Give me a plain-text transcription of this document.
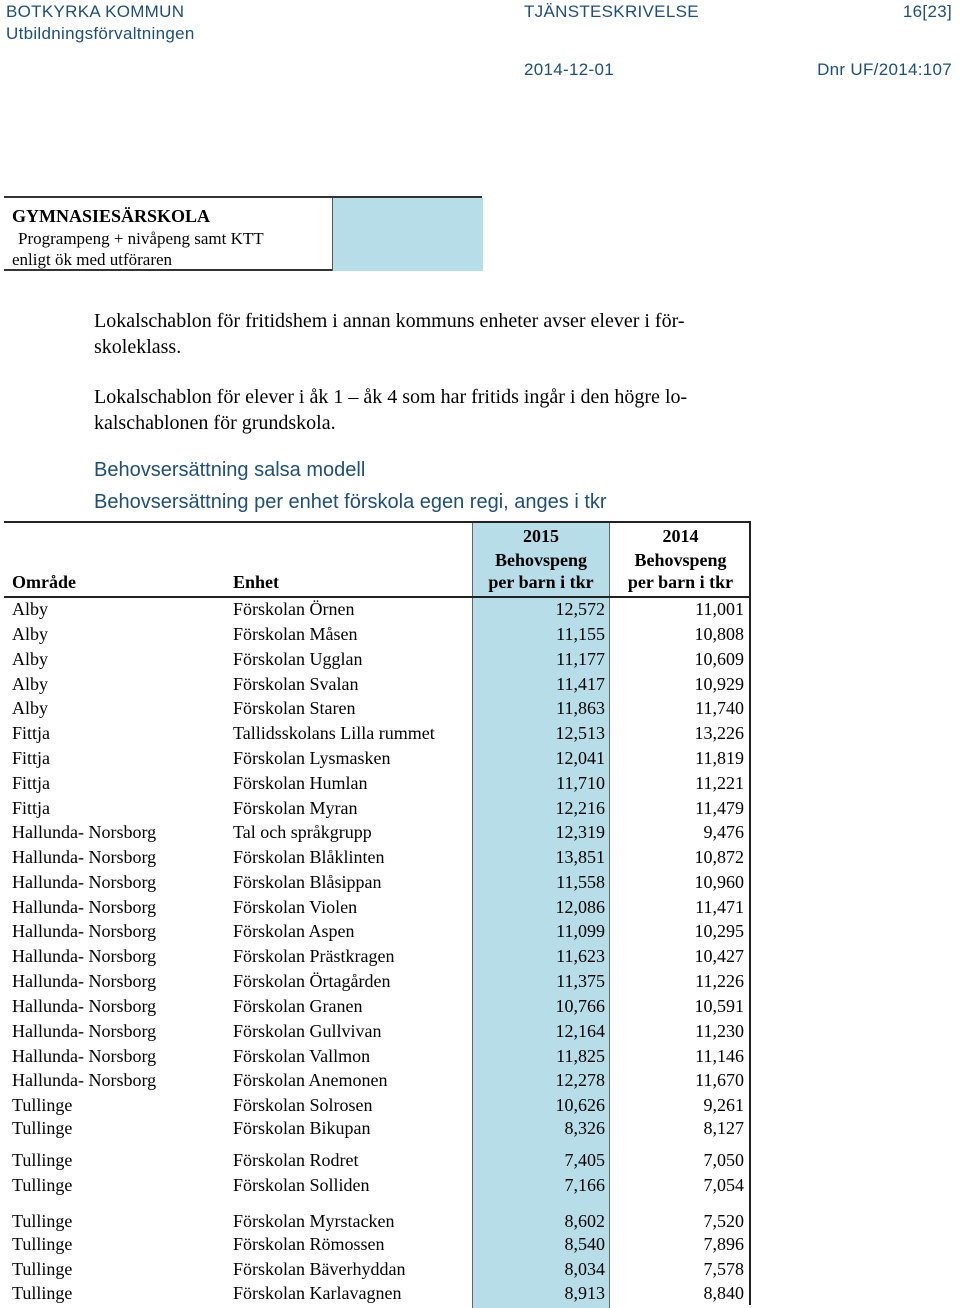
BOTKYRKA KOMMUN
Utbildningsförvaltningen
TJÄNSTESKRIVELSE	16[23]
2014-12-01	Dnr UF/2014:107
GYMNASIESÄRSKOLA
Programpeng + nivåpeng samt KTT
enligt ök med utföraren
Lokalschablon för fritidshem i annan kommuns enheter avser elever i för-
skoleklass.
Lokalschablon för elever i åk 1 – åk 4 som har fritids ingår i den högre lo-
kalschablonen för grundskola.
Behovsersättning salsa modell
Behovsersättning per enhet förskola egen regi, anges i tkr
Område	Enhet
2015
Behovspeng
per barn i tkr
2014
Behovspeng
per barn i tkr
Alby	Förskolan Örnen	12,572	11,001
Alby	Förskolan Måsen	11,155	10,808
Alby	Förskolan Ugglan	11,177	10,609
Alby	Förskolan Svalan	11,417	10,929
Alby	Förskolan Staren	11,863	11,740
Fittja	Tallidsskolans Lilla rummet	12,513	13,226
Fittja	Förskolan Lysmasken	12,041	11,819
Fittja	Förskolan Humlan	11,710	11,221
Fittja	Förskolan Myran	12,216	11,479
Hallunda- Norsborg	Tal och språkgrupp	12,319	9,476
Hallunda- Norsborg	Förskolan Blåklinten	13,851	10,872
Hallunda- Norsborg	Förskolan Blåsippan	11,558	10,960
Hallunda- Norsborg	Förskolan Violen	12,086	11,471
Hallunda- Norsborg	Förskolan Aspen	11,099	10,295
Hallunda- Norsborg	Förskolan Prästkragen	11,623	10,427
Hallunda- Norsborg	Förskolan Örtagården	11,375	11,226
Hallunda- Norsborg	Förskolan Granen	10,766	10,591
Hallunda- Norsborg	Förskolan Gullvivan	12,164	11,230
Hallunda- Norsborg	Förskolan Vallmon	11,825	11,146
Hallunda- Norsborg	Förskolan Anemonen	12,278	11,670
Tullinge	Förskolan Solrosen	10,626	9,261
Tullinge	Förskolan Bikupan	8,326	8,127
Tullinge	Förskolan Rodret	7,405	7,050
Tullinge	Förskolan Solliden	7,166	7,054
Tullinge	Förskolan Myrstacken	8,602	7,520
Tullinge	Förskolan Römossen	8,540	7,896
Tullinge	Förskolan Bäverhyddan	8,034	7,578
Tullinge	Förskolan Karlavagnen	8,913	8,840
